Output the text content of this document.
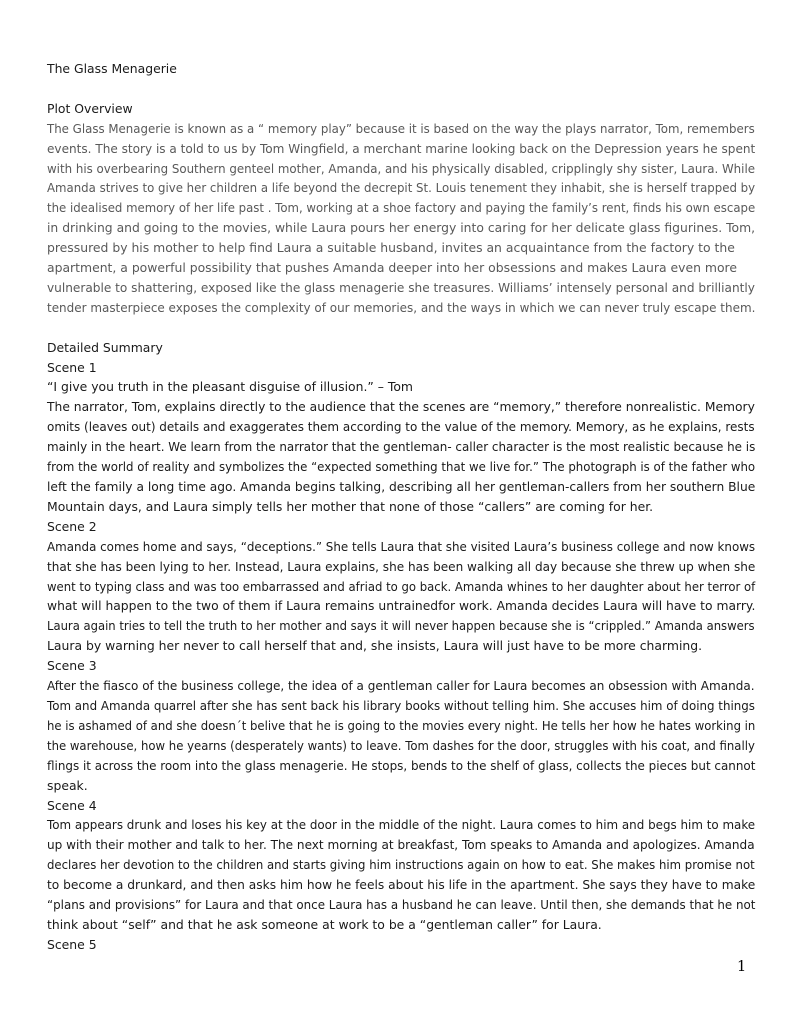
The Glass Menagerie

Plot Overview

The Glass Menagerie is known as a “ memory play” because it is based on the way the plays narrator, Tom, remembers

events. The story is a told to us by Tom Wingfield, a merchant marine looking back on the Depression years he spent

with his overbearing Southern genteel mother, Amanda, and his physically disabled, cripplingly shy sister, Laura. While

Amanda strives to give her children a life beyond the decrepit St. Louis tenement they inhabit, she is herself trapped by

the idealised memory of her life past . Tom, working at a shoe factory and paying the family’s rent, finds his own escape

in drinking and going to the movies, while Laura pours her energy into caring for her delicate glass figurines. Tom,

pressured by his mother to help find Laura a suitable husband, invites an acquaintance from the factory to the

apartment, a powerful possibility that pushes Amanda deeper into her obsessions and makes Laura even more

vulnerable to shattering, exposed like the glass menagerie she treasures. Williams’ intensely personal and brilliantly

tender masterpiece exposes the complexity of our memories, and the ways in which we can never truly escape them.

Detailed Summary

Scene 1

“I give you truth in the pleasant disguise of illusion.” – Tom

The narrator, Tom, explains directly to the audience that the scenes are “memory,” therefore nonrealistic. Memory

omits (leaves out) details and exaggerates them according to the value of the memory. Memory, as he explains, rests

mainly in the heart. We learn from the narrator that the gentleman- caller character is the most realistic because he is

from the world of reality and symbolizes the “expected something that we live for.” The photograph is of the father who

left the family a long time ago. Amanda begins talking, describing all her gentleman-callers from her southern Blue

Mountain days, and Laura simply tells her mother that none of those “callers” are coming for her.

Scene 2

Amanda comes home and says, “deceptions.” She tells Laura that she visited Laura’s business college and now knows

that she has been lying to her. Instead, Laura explains, she has been walking all day because she threw up when she

went to typing class and was too embarrassed and afriad to go back. Amanda whines to her daughter about her terror of

what will happen to the two of them if Laura remains untrainedfor work. Amanda decides Laura will have to marry.

Laura again tries to tell the truth to her mother and says it will never happen because she is “crippled.” Amanda answers

Laura by warning her never to call herself that and, she insists, Laura will just have to be more charming.

Scene 3

After the fiasco of the business college, the idea of a gentleman caller for Laura becomes an obsession with Amanda.

Tom and Amanda quarrel after she has sent back his library books without telling him. She accuses him of doing things

he is ashamed of and she doesn´t belive that he is going to the movies every night. He tells her how he hates working in

the warehouse, how he yearns (desperately wants) to leave. Tom dashes for the door, struggles with his coat, and finally

flings it across the room into the glass menagerie. He stops, bends to the shelf of glass, collects the pieces but cannot

speak.

Scene 4

Tom appears drunk and loses his key at the door in the middle of the night. Laura comes to him and begs him to make

up with their mother and talk to her. The next morning at breakfast, Tom speaks to Amanda and apologizes. Amanda

declares her devotion to the children and starts giving him instructions again on how to eat. She makes him promise not

to become a drunkard, and then asks him how he feels about his life in the apartment. She says they have to make

“plans and provisions” for Laura and that once Laura has a husband he can leave. Until then, she demands that he not

think about “self” and that he ask someone at work to be a “gentleman caller” for Laura.

Scene 5

1
